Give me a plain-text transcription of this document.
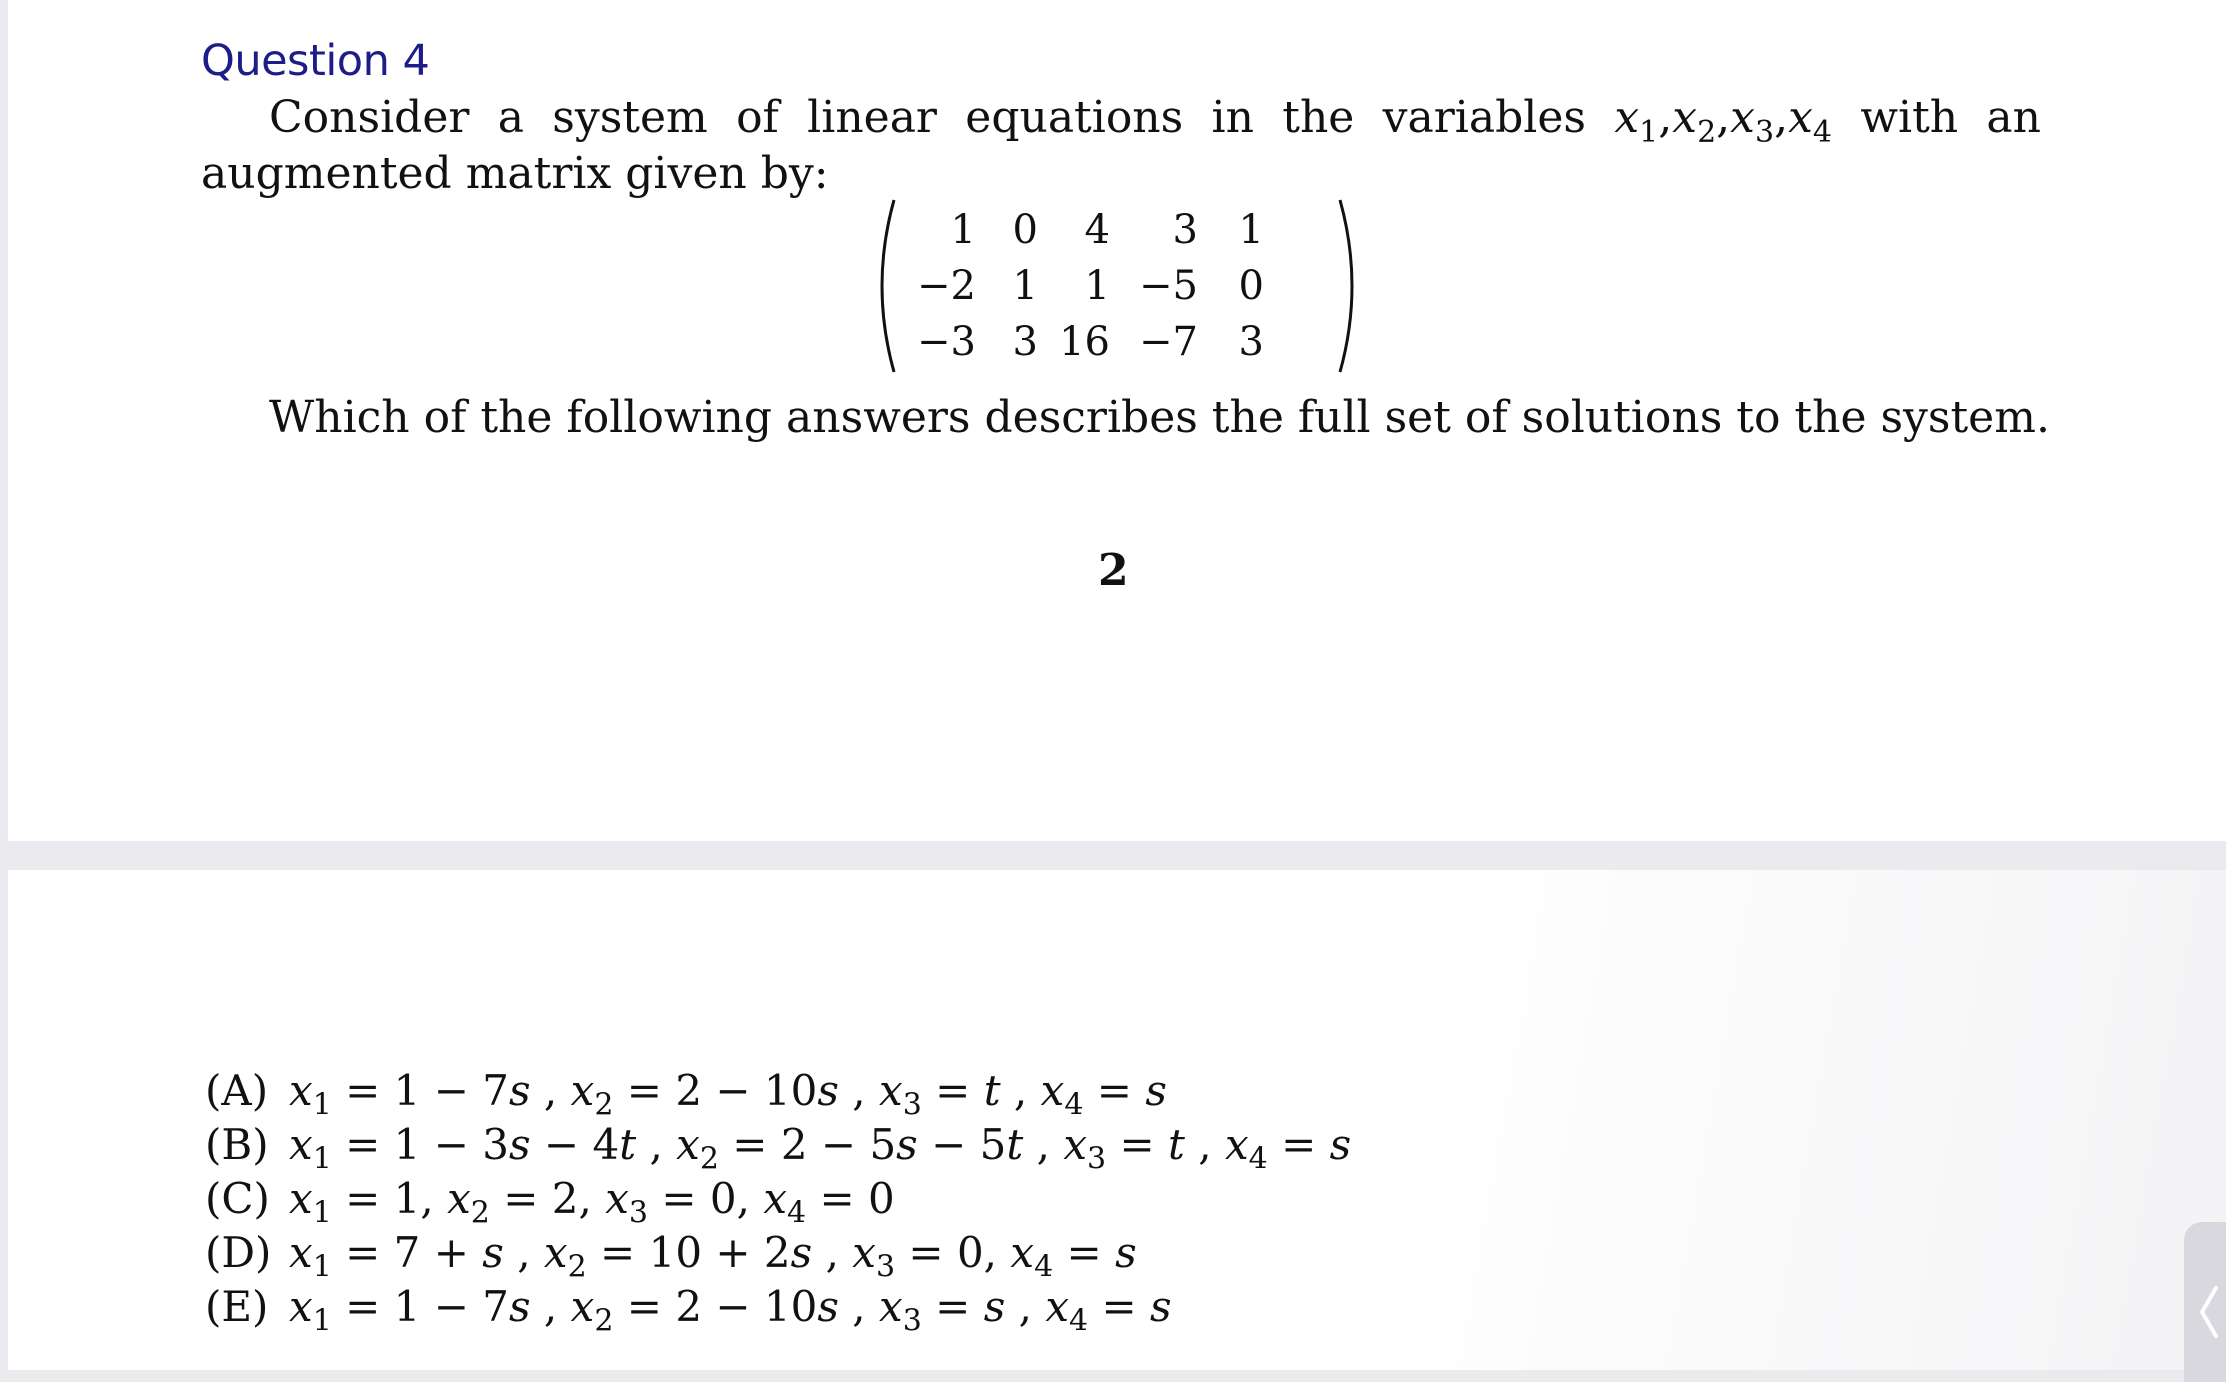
Question 4

Consider a system of linear equations in the variables $x_1,x_2,x_3,x_4$ with an augmented matrix given by:

1 0	4	3	1
−2 1	1 −5	0
−3 3 16 −7	3

Which of the following answers describes the full set of solutions to the system.

2
(A) $x_1 = 1 - 7s$ , $x_2 = 2 - 10s$ , $x_3 = t$ , $x_4 = s$
(B) $x_1 = 1 - 3s - 4t$ , $x_2 = 2 - 5s - 5t$ , $x_3 = t$ , $x_4 = s$
(C) $x_1 = 1$, $x_2 = 2$, $x_3 = 0$, $x_4 = 0$
(D) $x_1 = 7 + s$ , $x_2 = 10 + 2s$ , $x_3 = 0$, $x_4 = s$
(E) $x_1 = 1 - 7s$ , $x_2 = 2 - 10s$ , $x_3 = s$ , $x_4 = s$
